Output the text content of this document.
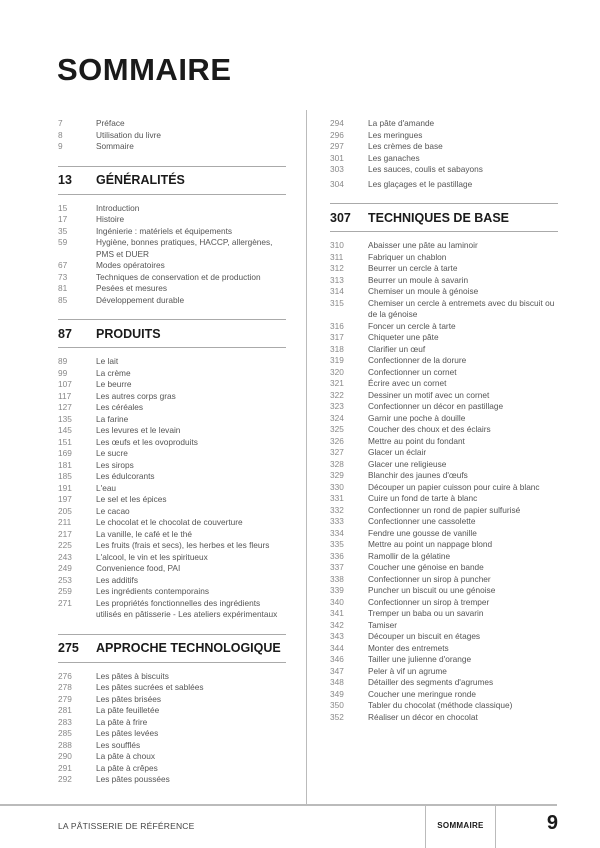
SOMMAIRE
7	Préface
8	Utilisation du livre
9	Sommaire
13	GÉNÉRALITÉS
15	Introduction
17	Histoire
35	Ingénierie : matériels et équipements
59	Hygiène, bonnes pratiques, HACCP, allergènes, PMS et DUER
67	Modes opératoires
73	Techniques de conservation et de production
81	Pesées et mesures
85	Développement durable
87	PRODUITS
89	Le lait
99	La crème
107	Le beurre
117	Les autres corps gras
127	Les céréales
135	La farine
145	Les levures et le levain
151	Les œufs et les ovoproduits
169	Le sucre
181	Les sirops
185	Les édulcorants
191	L'eau
197	Le sel et les épices
205	Le cacao
211	Le chocolat et le chocolat de couverture
217	La vanille, le café et le thé
225	Les fruits (frais et secs), les herbes et les fleurs
243	L'alcool, le vin et les spiritueux
249	Convenience food, PAI
253	Les additifs
259	Les ingrédients contemporains
271	Les propriétés fonctionnelles des ingrédients utilisés en pâtisserie - Les ateliers expérimentaux
275	APPROCHE TECHNOLOGIQUE
276	Les pâtes à biscuits
278	Les pâtes sucrées et sablées
279	Les pâtes brisées
281	La pâte feuilletée
283	La pâte à frire
285	Les pâtes levées
288	Les soufflés
290	La pâte à choux
291	La pâte à crêpes
292	Les pâtes poussées
294	La pâte d'amande
296	Les meringues
297	Les crèmes de base
301	Les ganaches
303	Les sauces, coulis et sabayons
304	Les glaçages et le pastillage
307	TECHNIQUES DE BASE
310	Abaisser une pâte au laminoir
311	Fabriquer un chablon
312	Beurrer un cercle à tarte
313	Beurrer un moule à savarin
314	Chemiser un moule à génoise
315	Chemiser un cercle à entremets avec du biscuit ou de la génoise
316	Foncer un cercle à tarte
317	Chiqueter une pâte
318	Clarifier un œuf
319	Confectionner de la dorure
320	Confectionner un cornet
321	Écrire avec un cornet
322	Dessiner un motif avec un cornet
323	Confectionner un décor en pastillage
324	Garnir une poche à douille
325	Coucher des choux et des éclairs
326	Mettre au point du fondant
327	Glacer un éclair
328	Glacer une religieuse
329	Blanchir des jaunes d'œufs
330	Découper un papier cuisson pour cuire à blanc
331	Cuire un fond de tarte à blanc
332	Confectionner un rond de papier sulfurisé
333	Confectionner une cassolette
334	Fendre une gousse de vanille
335	Mettre au point un nappage blond
336	Ramollir de la gélatine
337	Coucher une génoise en bande
338	Confectionner un sirop à puncher
339	Puncher un biscuit ou une génoise
340	Confectionner un sirop à tremper
341	Tremper un baba ou un savarin
342	Tamiser
343	Découper un biscuit en étages
344	Monter des entremets
346	Tailler une julienne d'orange
347	Peler à vif un agrume
348	Détailler des segments d'agrumes
349	Coucher une meringue ronde
350	Tabler du chocolat (méthode classique)
352	Réaliser un décor en chocolat
LA PÂTISSERIE DE RÉFÉRENCE	SOMMAIRE	9
